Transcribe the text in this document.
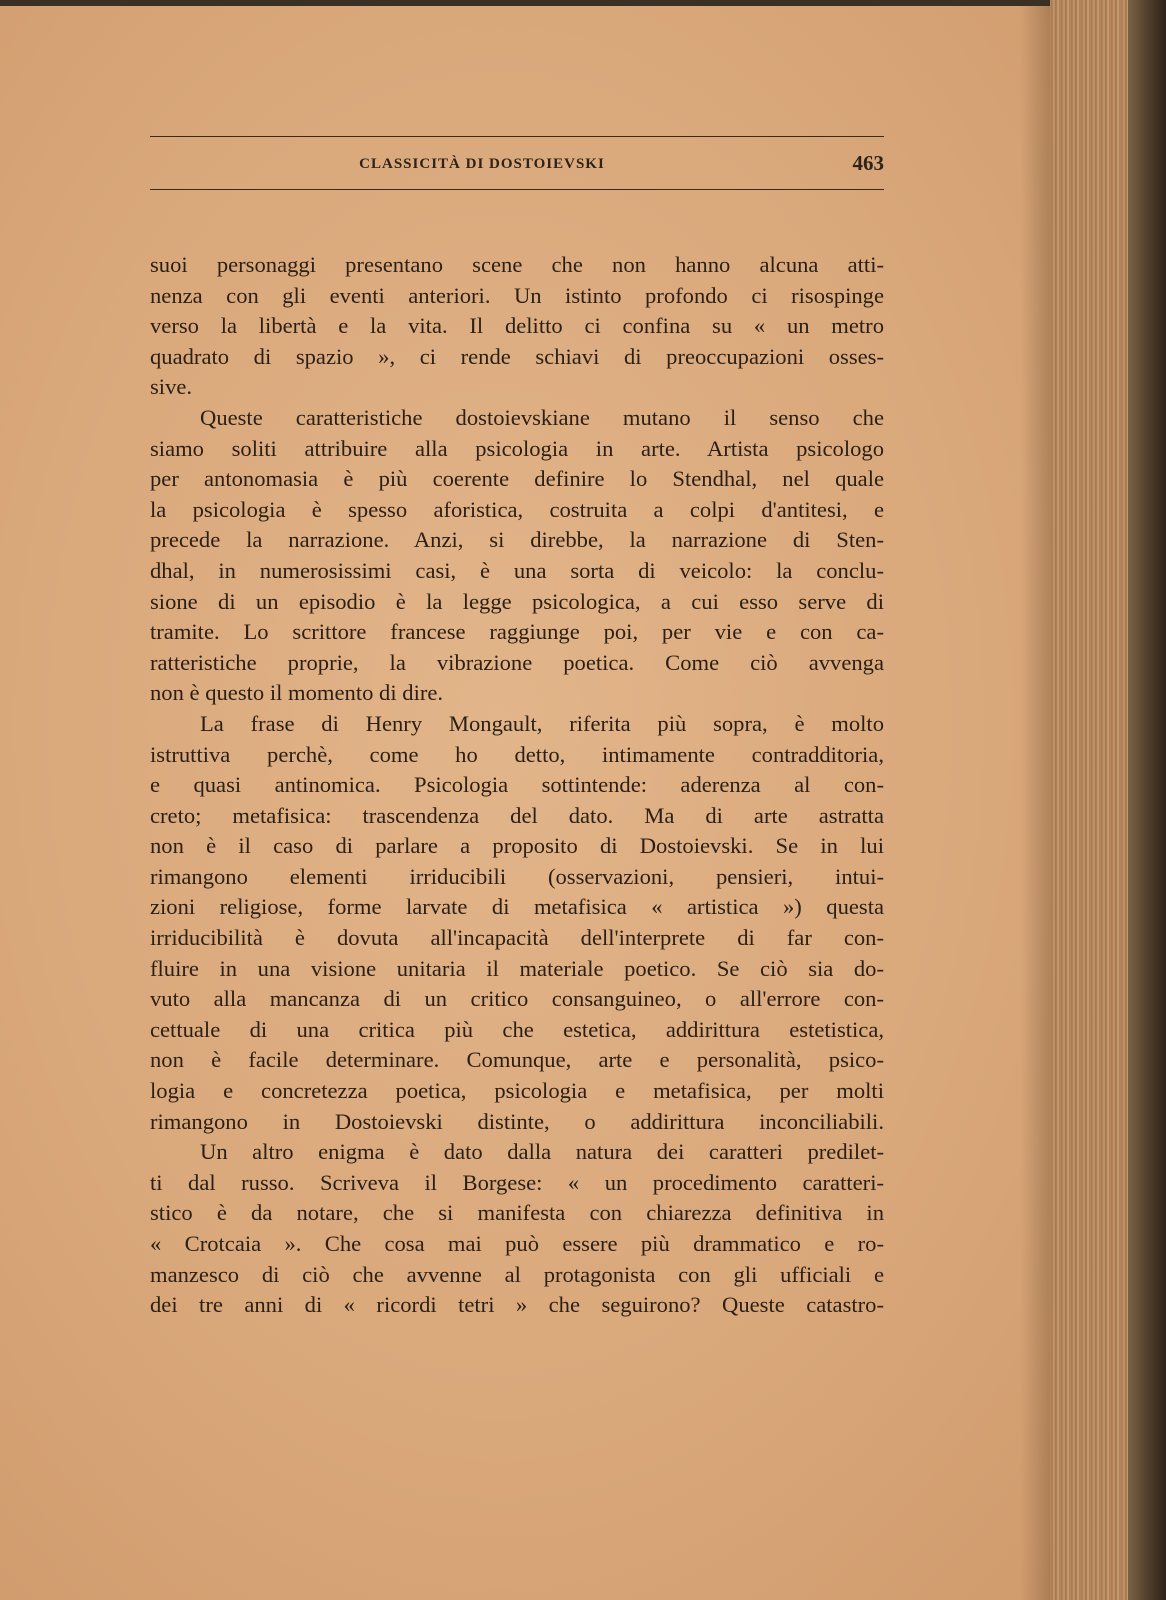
CLASSICITÀ DI DOSTOIEVSKI	463

suoi personaggi presentano scene che non hanno alcuna atti-
nenza con gli eventi anteriori. Un istinto profondo ci risospinge
verso la libertà e la vita. Il delitto ci confina su « un metro
quadrato di spazio », ci rende schiavi di preoccupazioni osses-
sive.

Queste caratteristiche dostoievskiane mutano il senso che
siamo soliti attribuire alla psicologia in arte. Artista psicologo
per antonomasia è più coerente definire lo Stendhal, nel quale
la psicologia è spesso aforistica, costruita a colpi d'antitesi, e
precede la narrazione. Anzi, si direbbe, la narrazione di Sten-
dhal, in numerosissimi casi, è una sorta di veicolo: la conclu-
sione di un episodio è la legge psicologica, a cui esso serve di
tramite. Lo scrittore francese raggiunge poi, per vie e con ca-
ratteristiche proprie, la vibrazione poetica. Come ciò avvenga
non è questo il momento di dire.

La frase di Henry Mongault, riferita più sopra, è molto
istruttiva perchè, come ho detto, intimamente contradditoria,
e quasi antinomica. Psicologia sottintende: aderenza al con-
creto; metafisica: trascendenza del dato. Ma di arte astratta
non è il caso di parlare a proposito di Dostoievski. Se in lui
rimangono elementi irriducibili (osservazioni, pensieri, intui-
zioni religiose, forme larvate di metafisica « artistica ») questa
irriducibilità è dovuta all'incapacità dell'interprete di far con-
fluire in una visione unitaria il materiale poetico. Se ciò sia do-
vuto alla mancanza di un critico consanguineo, o all'errore con-
cettuale di una critica più che estetica, addirittura estetistica,
non è facile determinare. Comunque, arte e personalità, psico-
logia e concretezza poetica, psicologia e metafisica, per molti
rimangono in Dostoievski distinte, o addirittura inconciliabili.

Un altro enigma è dato dalla natura dei caratteri predilet-
ti dal russo. Scriveva il Borgese: « un procedimento caratteri-
stico è da notare, che si manifesta con chiarezza definitiva in
« Crotcaia ». Che cosa mai può essere più drammatico e ro-
manzesco di ciò che avvenne al protagonista con gli ufficiali e
dei tre anni di « ricordi tetri » che seguirono? Queste catastro-
